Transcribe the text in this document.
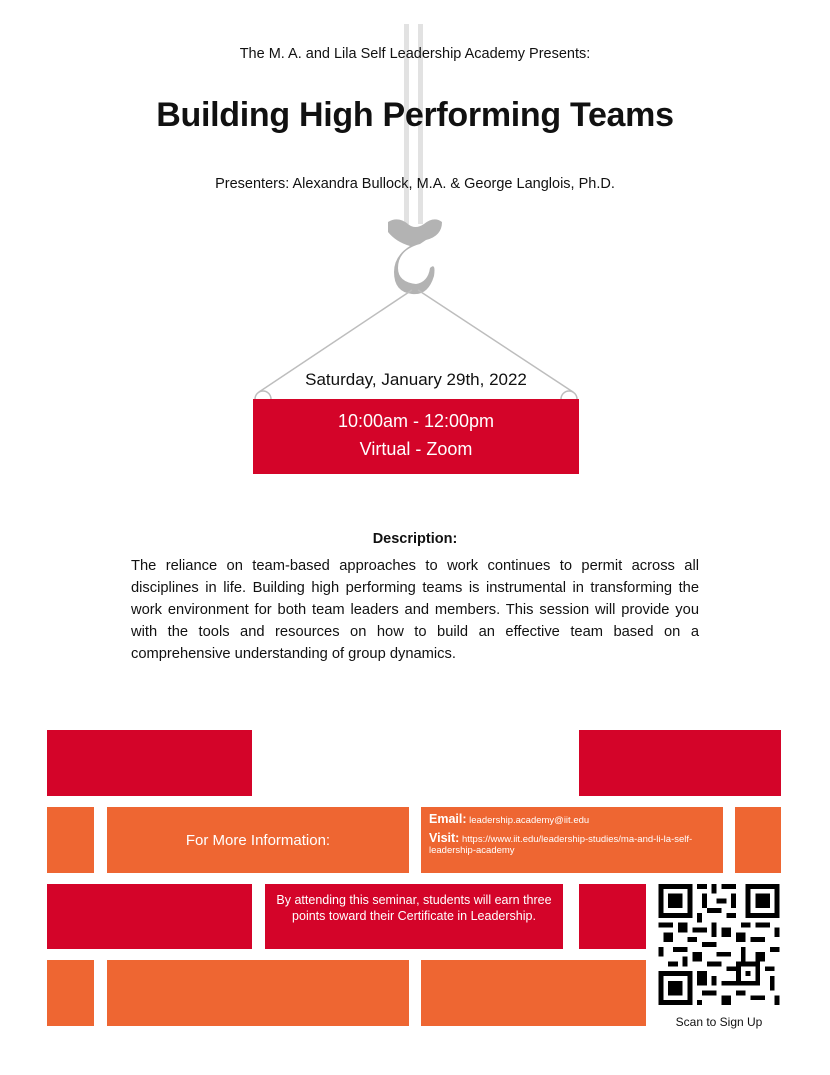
The M. A. and Lila Self Leadership Academy Presents:
Building High Performing Teams
Presenters: Alexandra Bullock, M.A. & George Langlois, Ph.D.
Saturday, January 29th, 2022
10:00am - 12:00pm
Virtual - Zoom
Description:
The reliance on team-based approaches to work continues to permit across all disciplines in life. Building high performing teams is instrumental in transforming the work environment for both team leaders and members. This session will provide you with the tools and resources on how to build an effective team based on a comprehensive understanding of group dynamics.
For More Information:
Email: leadership.academy@iit.edu
Visit: https://www.iit.edu/leadership-studies/ma-and-li-la-self-leadership-academy
By attending this seminar, students will earn three points toward their Certificate in Leadership.
Scan to Sign Up
